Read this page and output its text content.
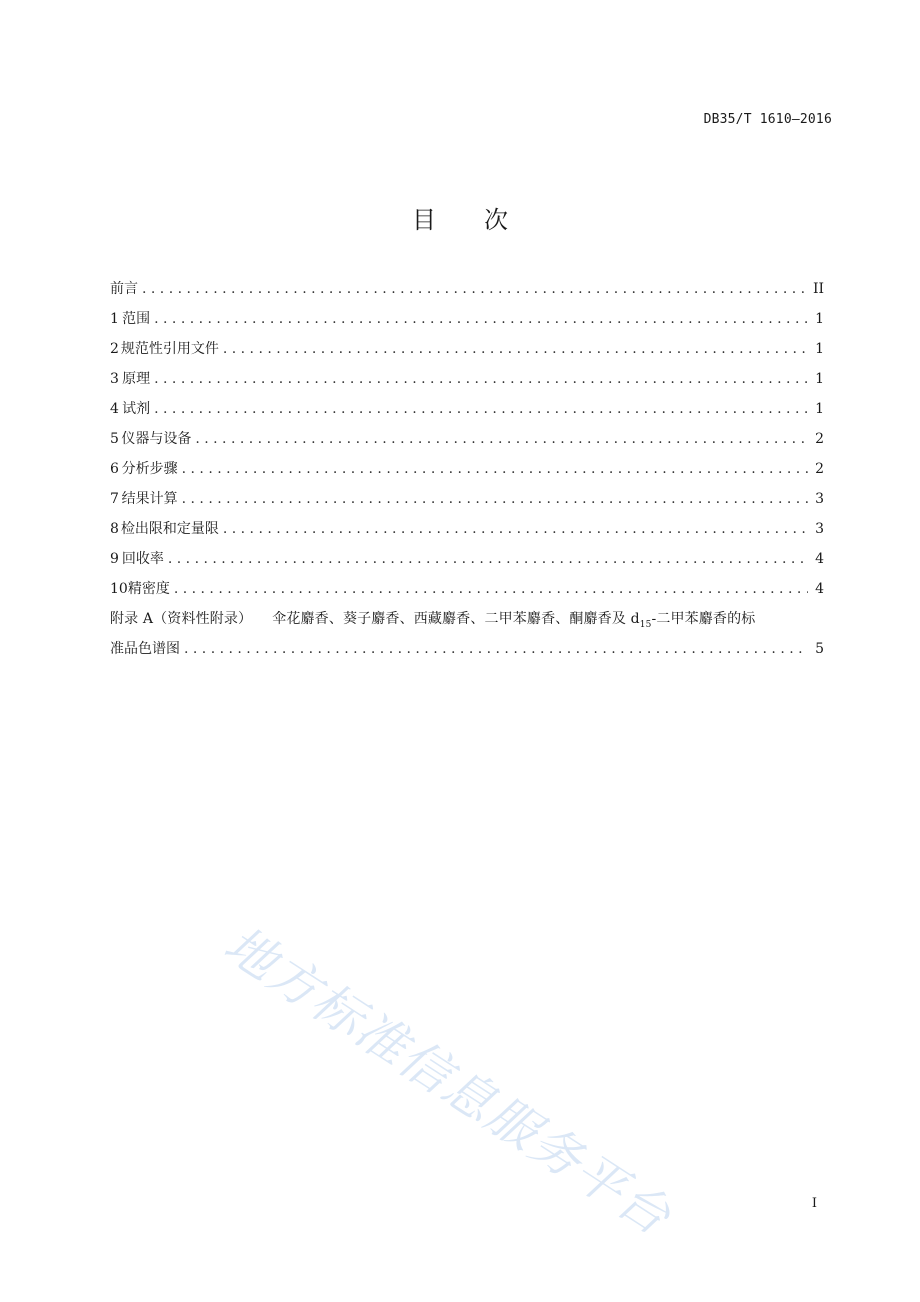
DB35/T 1610—2016
目 次
前言 . . .	II
1 范围 . . .	1
2 规范性引用文件 . . .	1
3 原理 . . .	1
4 试剂 . . .	1
5 仪器与设备 . . .	2
6 分析步骤 . . .	2
7 结果计算 . . .	3
8 检出限和定量限 . . .	3
9 回收率 . . .	4
10 精密度 . . .	4
附录 A（资料性附录） 伞花麝香、葵子麝香、西藏麝香、二甲苯麝香、酮麝香及 $d_{15}-$二甲苯麝香的标
准品色谱图 . . .	5
地方标准信息服务平台	I
